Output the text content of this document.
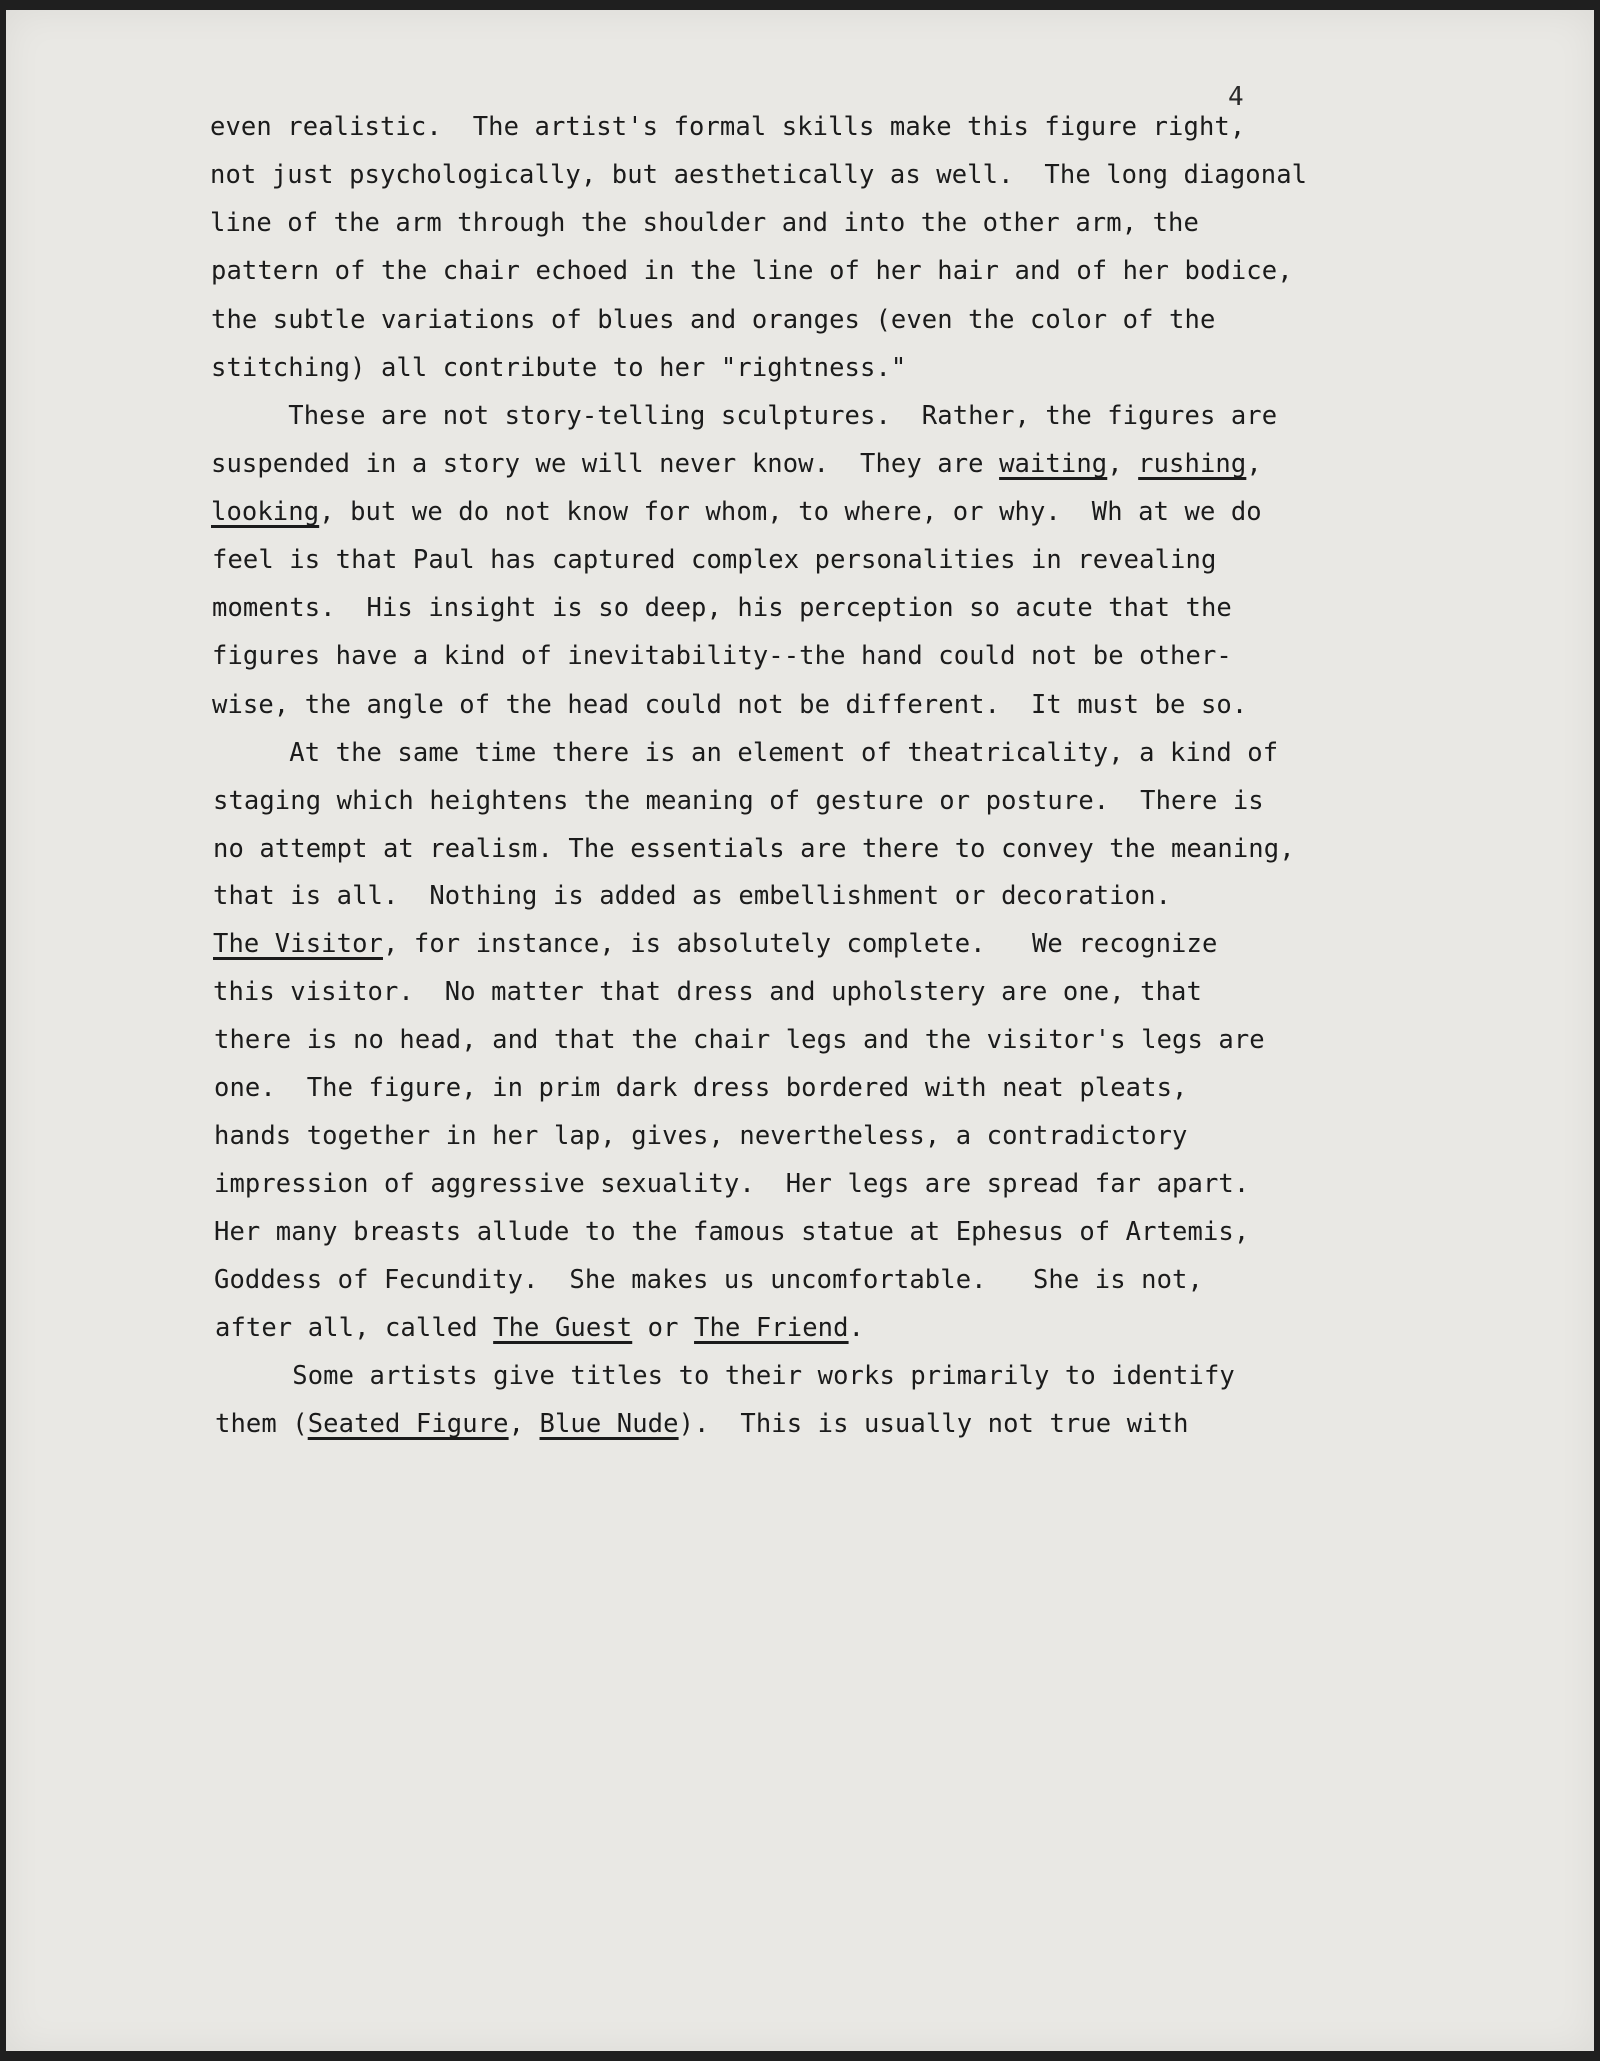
4
even realistic.  The artist's formal skills make this figure right,
not just psychologically, but aesthetically as well.  The long diagonal
line of the arm through the shoulder and into the other arm, the
pattern of the chair echoed in the line of her hair and of her bodice,
the subtle variations of blues and oranges (even the color of the
stitching) all contribute to her "rightness."
These are not story-telling sculptures.  Rather, the figures are
suspended in a story we will never know.  They are waiting, rushing,
looking, but we do not know for whom, to where, or why.  Wh at we do
feel is that Paul has captured complex personalities in revealing
moments.  His insight is so deep, his perception so acute that the
figures have a kind of inevitability--the hand could not be other-
wise, the angle of the head could not be different.  It must be so.
At the same time there is an element of theatricality, a kind of
staging which heightens the meaning of gesture or posture.  There is
no attempt at realism. The essentials are there to convey the meaning,
that is all.  Nothing is added as embellishment or decoration.
The Visitor, for instance, is absolutely complete.   We recognize
this visitor.  No matter that dress and upholstery are one, that
there is no head, and that the chair legs and the visitor's legs are
one.  The figure, in prim dark dress bordered with neat pleats,
hands together in her lap, gives, nevertheless, a contradictory
impression of aggressive sexuality.  Her legs are spread far apart.
Her many breasts allude to the famous statue at Ephesus of Artemis,
Goddess of Fecundity.  She makes us uncomfortable.   She is not,
after all, called The Guest or The Friend.
Some artists give titles to their works primarily to identify
them (Seated Figure, Blue Nude).  This is usually not true with
